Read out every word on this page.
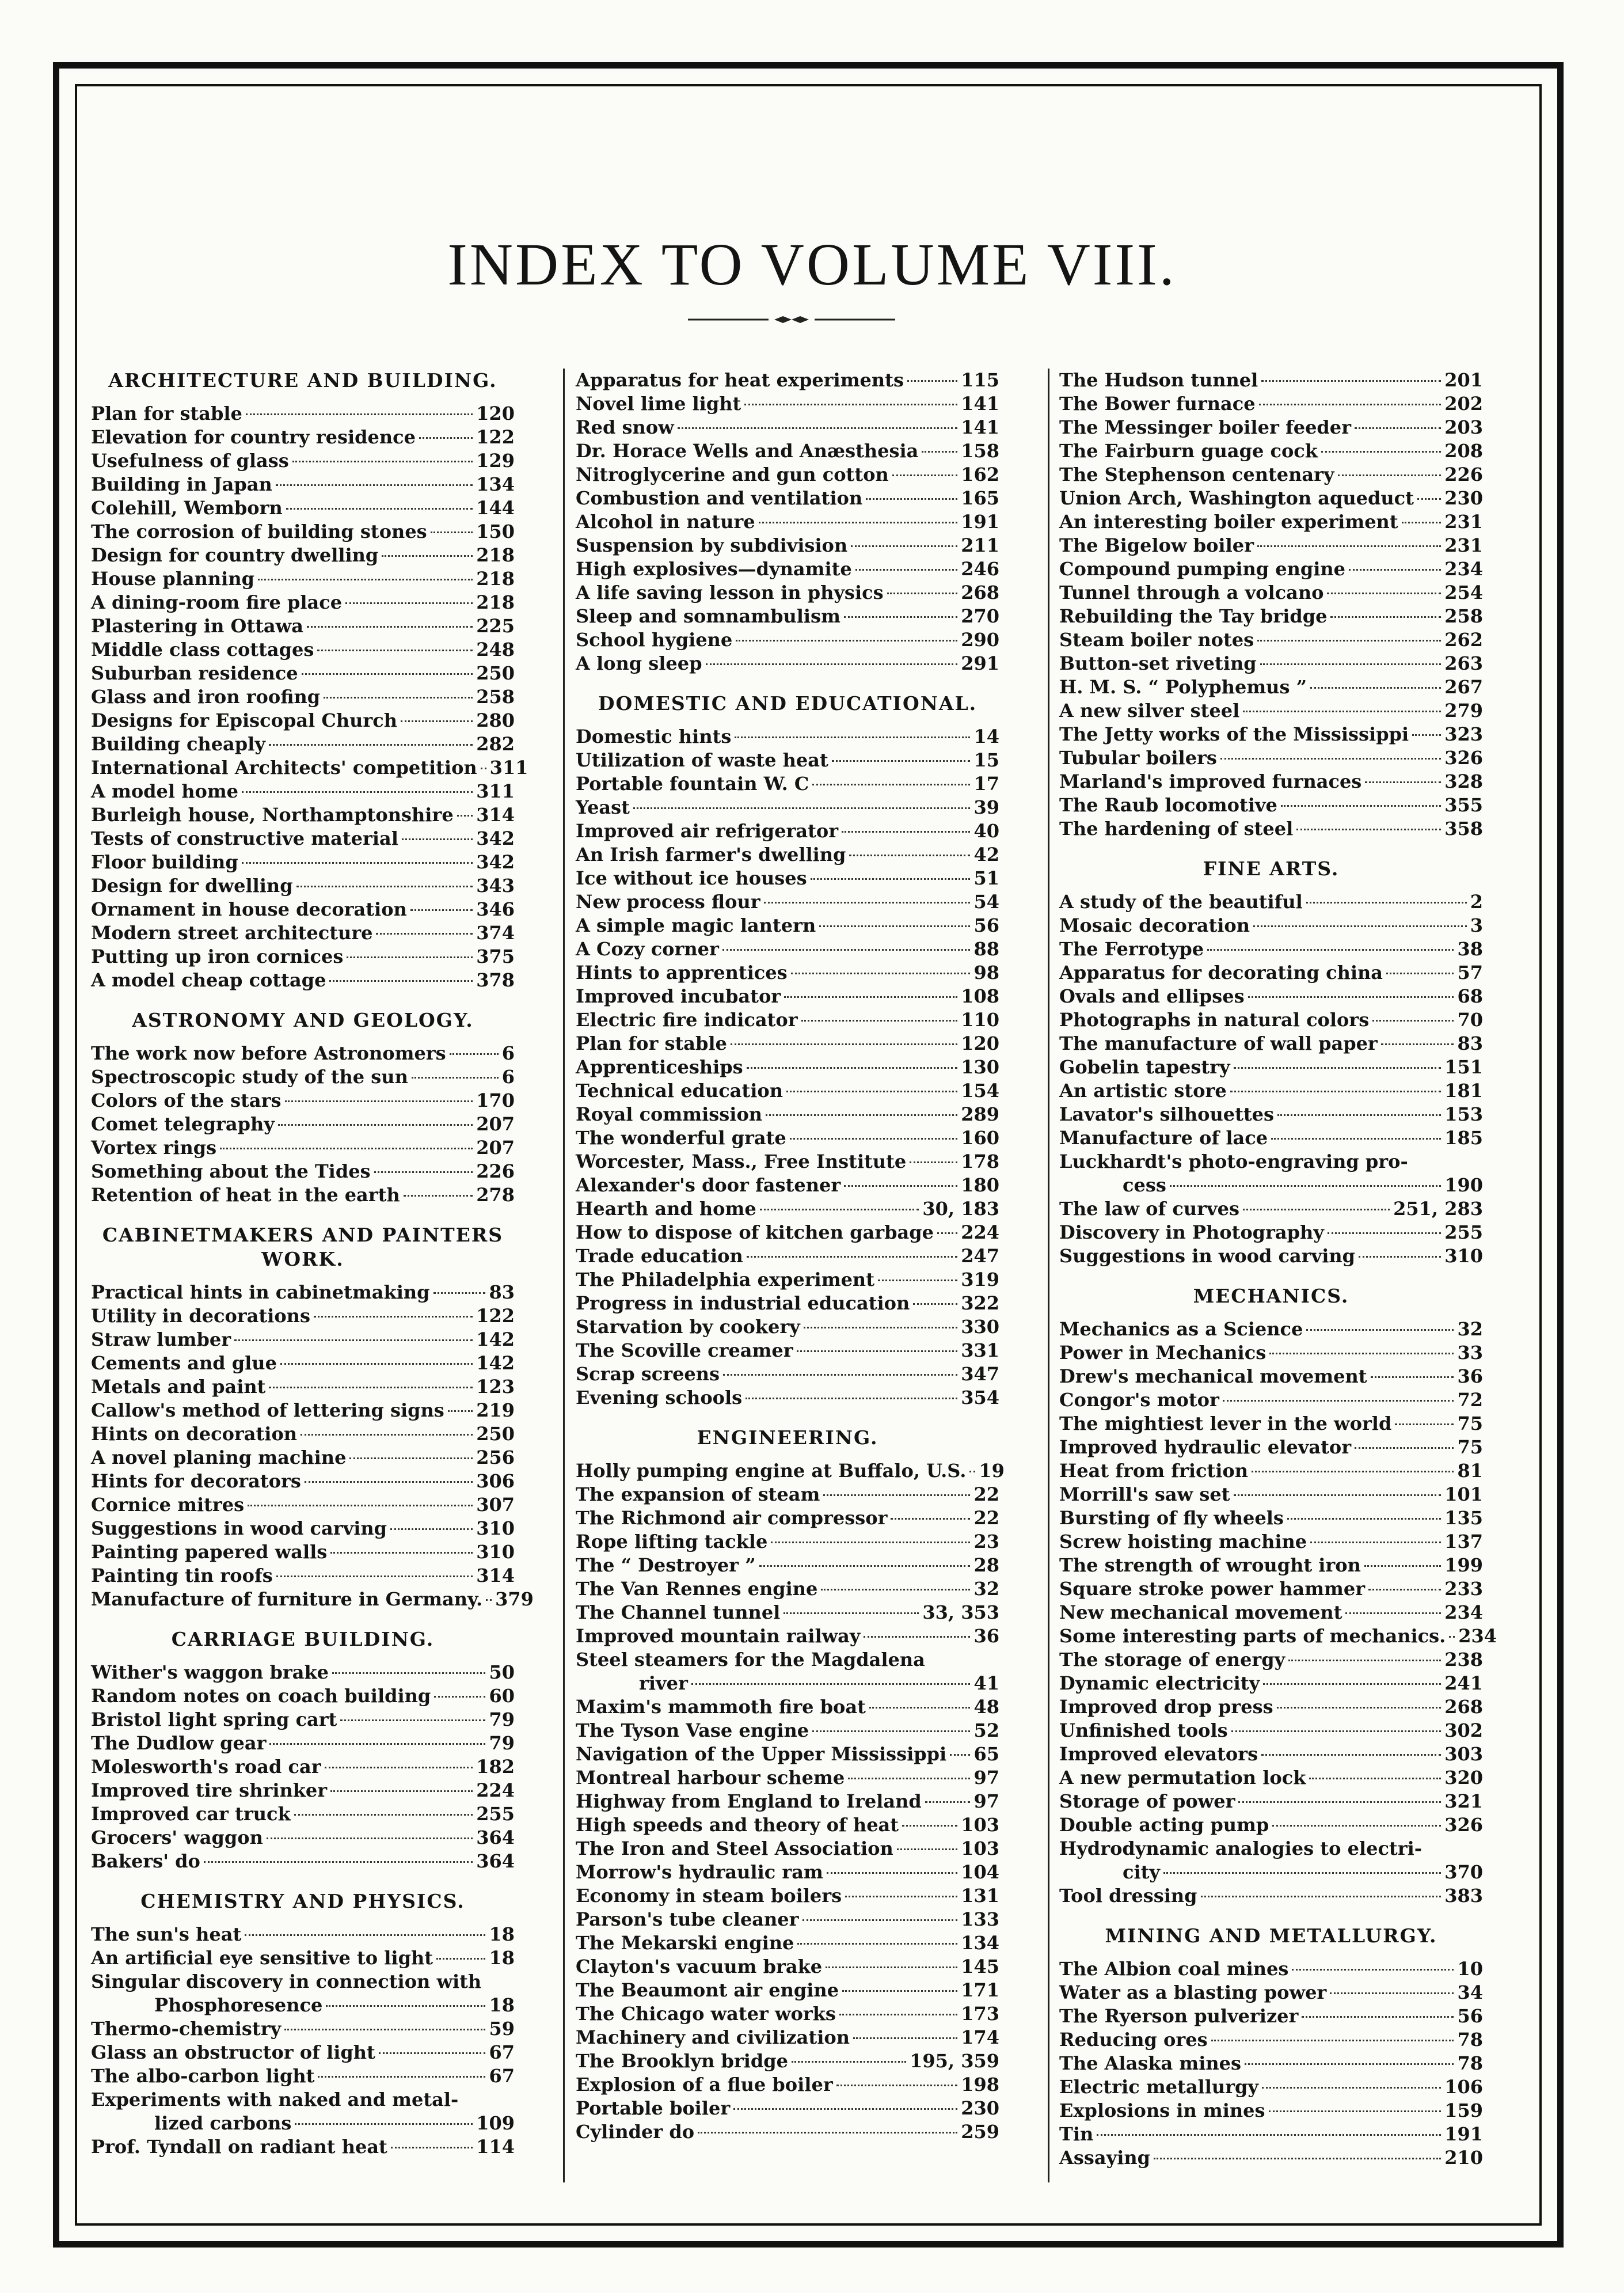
INDEX TO VOLUME VIII.
ARCHITECTURE AND BUILDING.
Plan for stable	120
Elevation for country residence	122
Usefulness of glass	129
Building in Japan	134
Colehill, Wemborn	144
The corrosion of building stones	150
Design for country dwelling	218
House planning	218
A dining-room fire place	218
Plastering in Ottawa	225
Middle class cottages	248
Suburban residence	250
Glass and iron roofing	258
Designs for Episcopal Church	280
Building cheaply	282
International Architects' competition 311
A model home	311
Burleigh house, Northamptonshire 314
Tests of constructive material	342
Floor building	342
Design for dwelling	343
Ornament in house decoration	346
Modern street architecture	374
Putting up iron cornices	375
A model cheap cottage	378
ASTRONOMY AND GEOLOGY.
The work now before Astronomers	6
Spectroscopic study of the sun	6
Colors of the stars	170
Comet telegraphy	207
Vortex rings	207
Something about the Tides	226
Retention of heat in the earth	278
CABINETMAKERS AND PAINTERS WORK.
Practical hints in cabinetmaking	83
Utility in decorations	122
Straw lumber	142
Cements and glue	142
Metals and paint	123
Callow's method of lettering signs 219
Hints on decoration	250
A novel planing machine	256
Hints for decorators	306
Cornice mitres	307
Suggestions in wood carving	310
Painting papered walls	310
Painting tin roofs	314
Manufacture of furniture in Germany. 379
CARRIAGE BUILDING.
Wither's waggon brake	50
Random notes on coach building	60
Bristol light spring cart	79
The Dudlow gear	79
Molesworth's road car	182
Improved tire shrinker	224
Improved car truck	255
Grocers' waggon	364
Bakers' do	364
CHEMISTRY AND PHYSICS.
The sun's heat	18
An artificial eye sensitive to light	18
Singular discovery in connection with
Phosphoresence	18
Thermo-chemistry	59
Glass an obstructor of light	67
The albo-carbon light	67
Experiments with naked and metal-
lized carbons	109
Prof. Tyndall on radiant heat	114
Apparatus for heat experiments	115
Novel lime light	141
Red snow	141
Dr. Horace Wells and Anæsthesia 158
Nitroglycerine and gun cotton	162
Combustion and ventilation	165
Alcohol in nature	191
Suspension by subdivision	211
High explosives—dynamite	246
A life saving lesson in physics	268
Sleep and somnambulism	270
School hygiene	290
A long sleep	291
DOMESTIC AND EDUCATIONAL.
Domestic hints	14
Utilization of waste heat	15
Portable fountain W. C	17
Yeast	39
Improved air refrigerator	40
An Irish farmer's dwelling	42
Ice without ice houses	51
New process flour	54
A simple magic lantern	56
A Cozy corner	88
Hints to apprentices	98
Improved incubator	108
Electric fire indicator	110
Plan for stable	120
Apprenticeships	130
Technical education	154
Royal commission	289
The wonderful grate	160
Worcester, Mass., Free Institute	178
Alexander's door fastener	180
Hearth and home	30, 183
How to dispose of kitchen garbage 224
Trade education	247
The Philadelphia experiment	319
Progress in industrial education	322
Starvation by cookery	330
The Scoville creamer	331
Scrap screens	347
Evening schools	354
ENGINEERING.
Holly pumping engine at Buffalo, U.S. 19
The expansion of steam	22
The Richmond air compressor	22
Rope lifting tackle	23
The “ Destroyer ”	28
The Van Rennes engine	32
The Channel tunnel	33, 353
Improved mountain railway	36
Steel steamers for the Magdalena
river	41
Maxim's mammoth fire boat	48
The Tyson Vase engine	52
Navigation of the Upper Mississippi 65
Montreal harbour scheme	97
Highway from England to Ireland	97
High speeds and theory of heat	103
The Iron and Steel Association	103
Morrow's hydraulic ram	104
Economy in steam boilers	131
Parson's tube cleaner	133
The Mekarski engine	134
Clayton's vacuum brake	145
The Beaumont air engine	171
The Chicago water works	173
Machinery and civilization	174
The Brooklyn bridge	195, 359
Explosion of a flue boiler	198
Portable boiler	230
Cylinder do	259
The Hudson tunnel	201
The Bower furnace	202
The Messinger boiler feeder	203
The Fairburn guage cock	208
The Stephenson centenary	226
Union Arch, Washington aqueduct 230
An interesting boiler experiment	231
The Bigelow boiler	231
Compound pumping engine	234
Tunnel through a volcano	254
Rebuilding the Tay bridge	258
Steam boiler notes	262
Button-set riveting	263
H. M. S. “ Polyphemus ”	267
A new silver steel	279
The Jetty works of the Mississippi 323
Tubular boilers	326
Marland's improved furnaces	328
The Raub locomotive	355
The hardening of steel	358
FINE ARTS.
A study of the beautiful	2
Mosaic decoration	3
The Ferrotype	38
Apparatus for decorating china	57
Ovals and ellipses	68
Photographs in natural colors	70
The manufacture of wall paper	83
Gobelin tapestry	151
An artistic store	181
Lavator's silhouettes	153
Manufacture of lace	185
Luckhardt's photo-engraving pro-
cess	190
The law of curves	251, 283
Discovery in Photography	255
Suggestions in wood carving	310
MECHANICS.
Mechanics as a Science	32
Power in Mechanics	33
Drew's mechanical movement	36
Congor's motor	72
The mightiest lever in the world	75
Improved hydraulic elevator	75
Heat from friction	81
Morrill's saw set	101
Bursting of fly wheels	135
Screw hoisting machine	137
The strength of wrought iron	199
Square stroke power hammer	233
New mechanical movement	234
Some interesting parts of mechanics. 234
The storage of energy	238
Dynamic electricity	241
Improved drop press	268
Unfinished tools	302
Improved elevators	303
A new permutation lock	320
Storage of power	321
Double acting pump	326
Hydrodynamic analogies to electri-
city	370
Tool dressing	383
MINING AND METALLURGY.
The Albion coal mines	10
Water as a blasting power	34
The Ryerson pulverizer	56
Reducing ores	78
The Alaska mines	78
Electric metallurgy	106
Explosions in mines	159
Tin	191
Assaying	210
